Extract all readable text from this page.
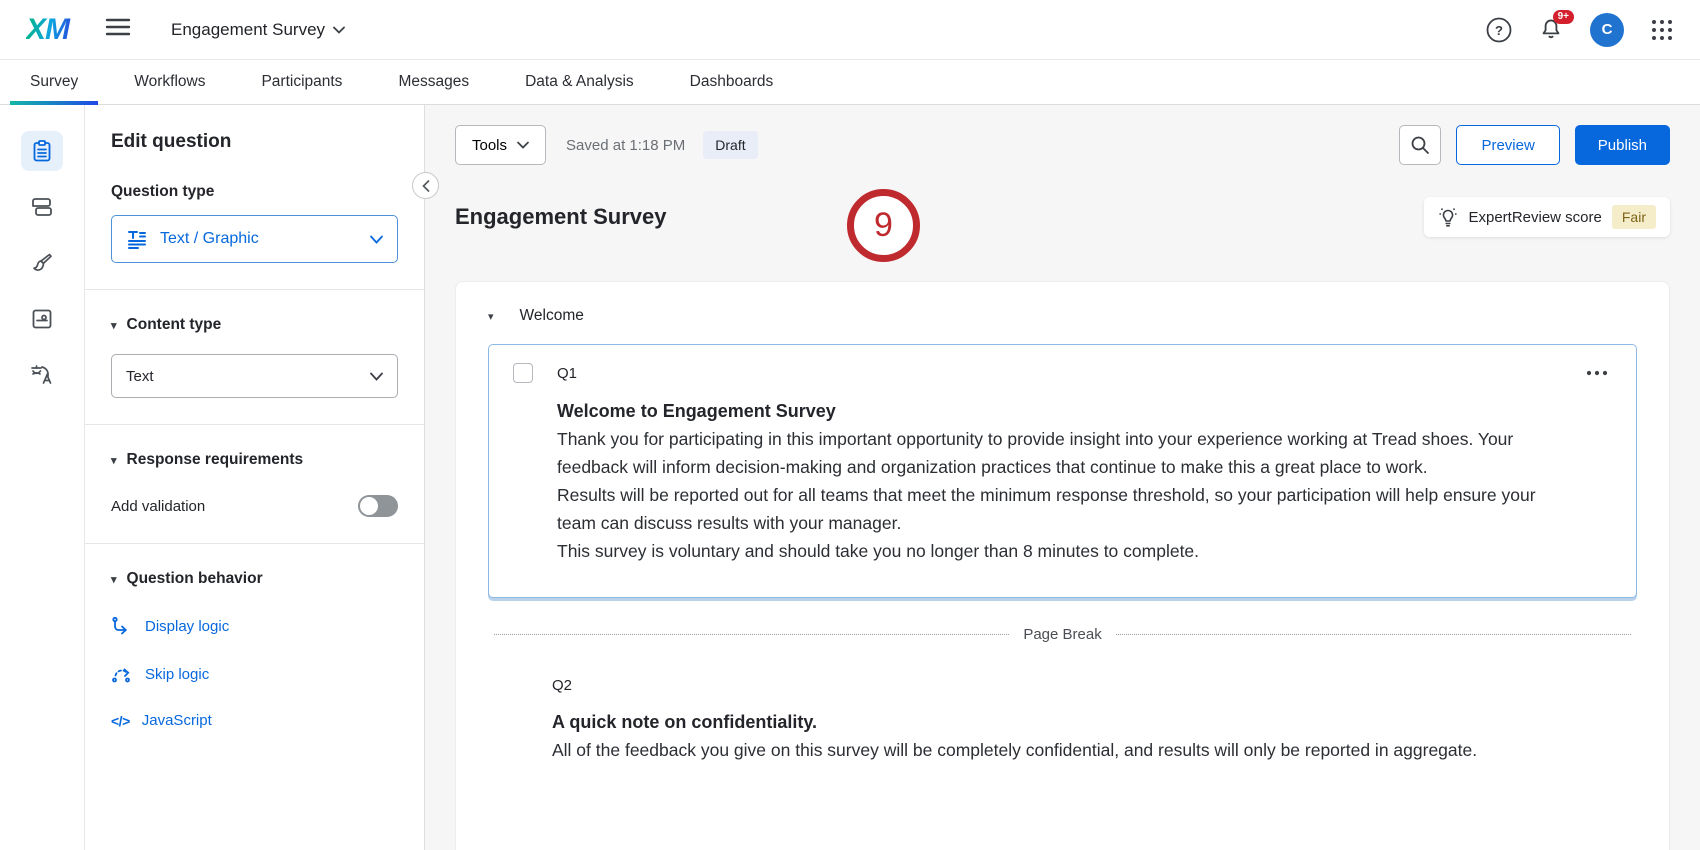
XM	Engagement Survey	?
9+
C
Survey	Workflows	Participants	Messages	Data & Analysis	Dashboards
Edit question
Question type
Text / Graphic
▾ Content type
Text
▾ Response requirements
Add validation
▾ Question behavior
Display logic
Skip logic
</> JavaScript
Tools	Saved at 1:18 PM	Draft	Preview	Publish
Engagement Survey	ExpertReview score	Fair
▾ Welcome
Q1
Welcome to Engagement Survey
Thank you for participating in this important opportunity to provide insight into your experience working at Tread shoes. Your feedback will inform decision-making and organization practices that continue to make this a great place to work.
Results will be reported out for all teams that meet the minimum response threshold, so your participation will help ensure your team can discuss results with your manager.
This survey is voluntary and should take you no longer than 8 minutes to complete.
Page Break
Q2
A quick note on confidentiality.
All of the feedback you give on this survey will be completely confidential, and results will only be reported in aggregate.
9
